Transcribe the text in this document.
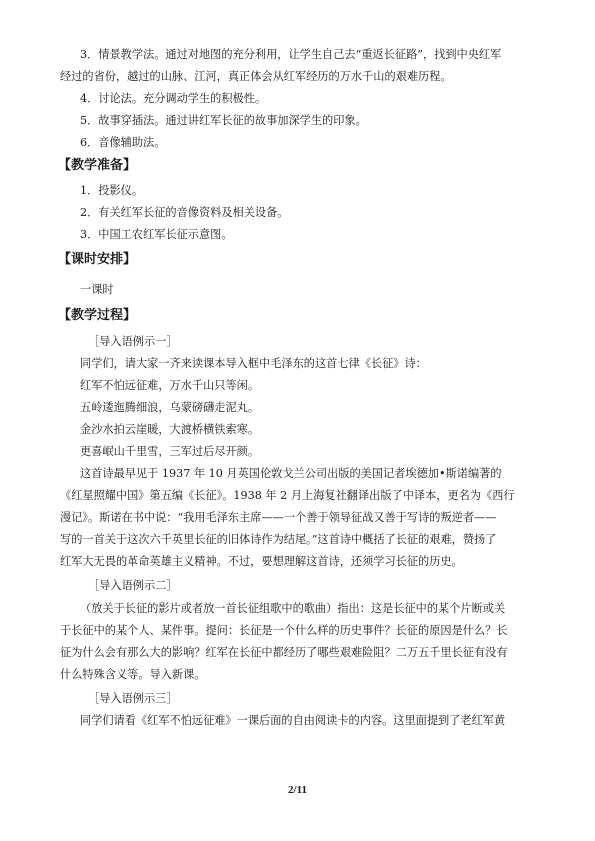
3．情景教学法。通过对地图的充分利用，让学生自己去“重返长征路”，找到中央红军

经过的省份，越过的山脉、江河，真正体会从红军经历的万水千山的艰难历程。

4．讨论法。充分调动学生的积极性。

5．故事穿插法。通过讲红军长征的故事加深学生的印象。

6．音像辅助法。

【教学准备】

1．投影仪。

2．有关红军长征的音像资料及相关设备。

3．中国工农红军长征示意图。

【课时安排】

一课时

【教学过程】

［导入语例示一］

同学们，请大家一齐来读课本导入框中毛泽东的这首七律《长征》诗：

红军不怕远征难，万水千山只等闲。

五岭逶迤腾细浪，乌蒙磅礴走泥丸。

金沙水拍云崖暖，大渡桥横铁索寒。

更喜岷山千里雪，三军过后尽开颜。

这首诗最早见于 1937 年 10 月英国伦敦戈兰公司出版的美国记者埃德加•斯诺编著的

《红星照耀中国》第五编《长征》。1938 年 2 月上海复社翻译出版了中译本，更名为《西行

漫记》。斯诺在书中说：“我用毛泽东主席——一个善于领导征战又善于写诗的叛逆者——

写的一首关于这次六千英里长征的旧体诗作为结尾。”这首诗中概括了长征的艰难，赞扬了

红军大无畏的革命英雄主义精神。不过，要想理解这首诗，还须学习长征的历史。

［导入语例示二］

（放关于长征的影片或者放一首长征组歌中的歌曲）指出：这是长征中的某个片断或关

于长征中的某个人、某件事。提问：长征是一个什么样的历史事件？长征的原因是什么？长

征为什么会有那么大的影响？红军在长征中都经历了哪些艰难险阻？二万五千里长征有没有

什么特殊含义等。导入新课。

［导入语例示三］

同学们请看《红军不怕远征难》一课后面的自由阅读卡的内容。这里面提到了老红军黄

2/11
